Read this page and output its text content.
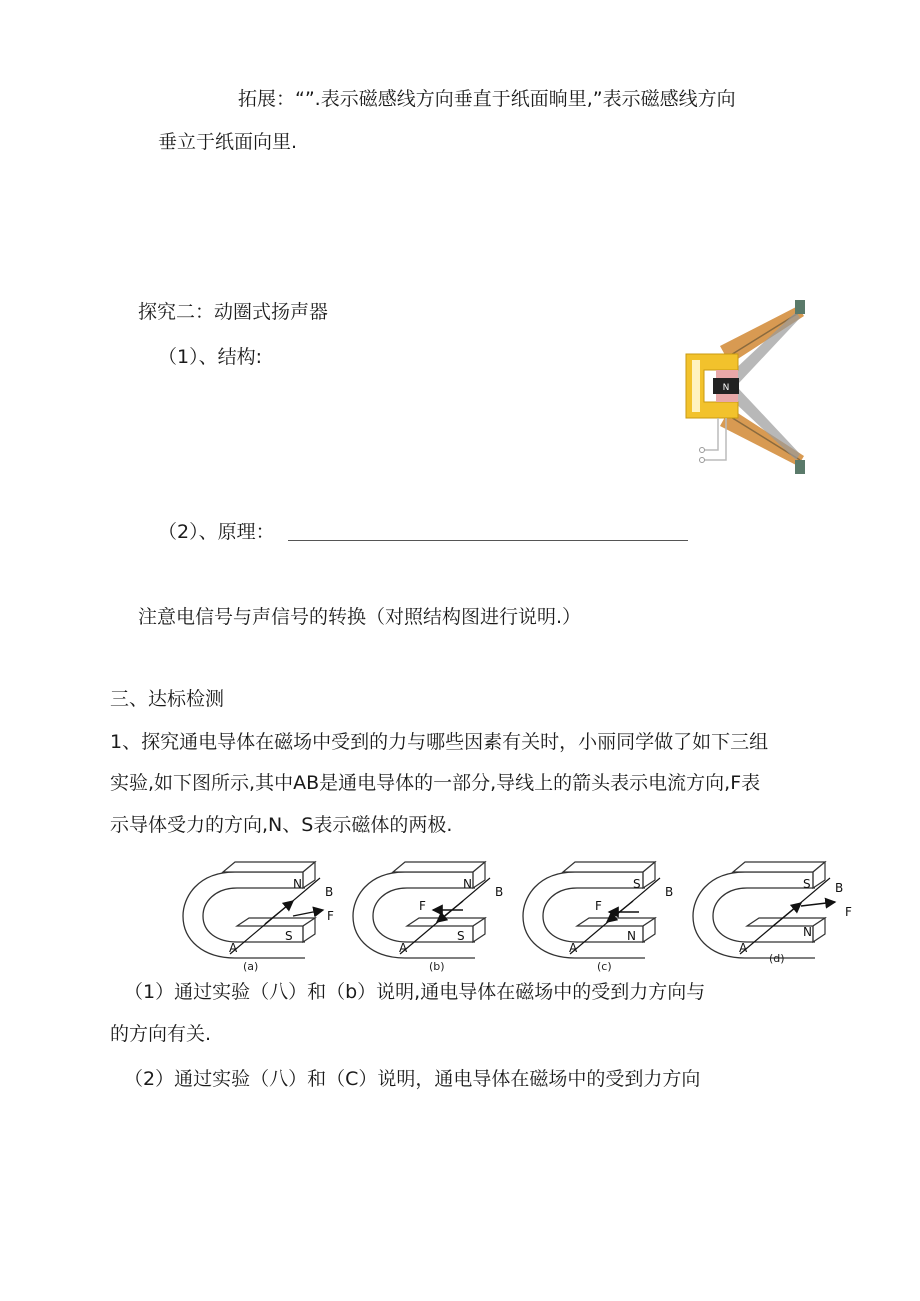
拓展：“”.表示磁感线方向垂直于纸面晌里,”表示磁感线方向
垂立于纸面向里.
探究二：动圈式扬声器
（1）、结构:
N
（2）、原理：
注意电信号与声信号的转换（对照结构图进行说明.）
三、达标检测
1、探究通电导体在磁场中受到的力与哪些因素有关时，小丽同学做了如下三组
实验,如下图所示,其中AB是通电导体的一部分,导线上的箭头表示电流方向,F表
示导体受力的方向,N、S表示磁体的两极.
N
S
B
A
F
(a)
N
S
B
A
F
(b)
S
N
B
A
F
(c)
S
N
B
A
F
(d)
（1）通过实验（八）和（b）说明,通电导体在磁场中的受到力方向与
的方向有关.
（2）通过实验（八）和（C）说明，通电导体在磁场中的受到力方向
